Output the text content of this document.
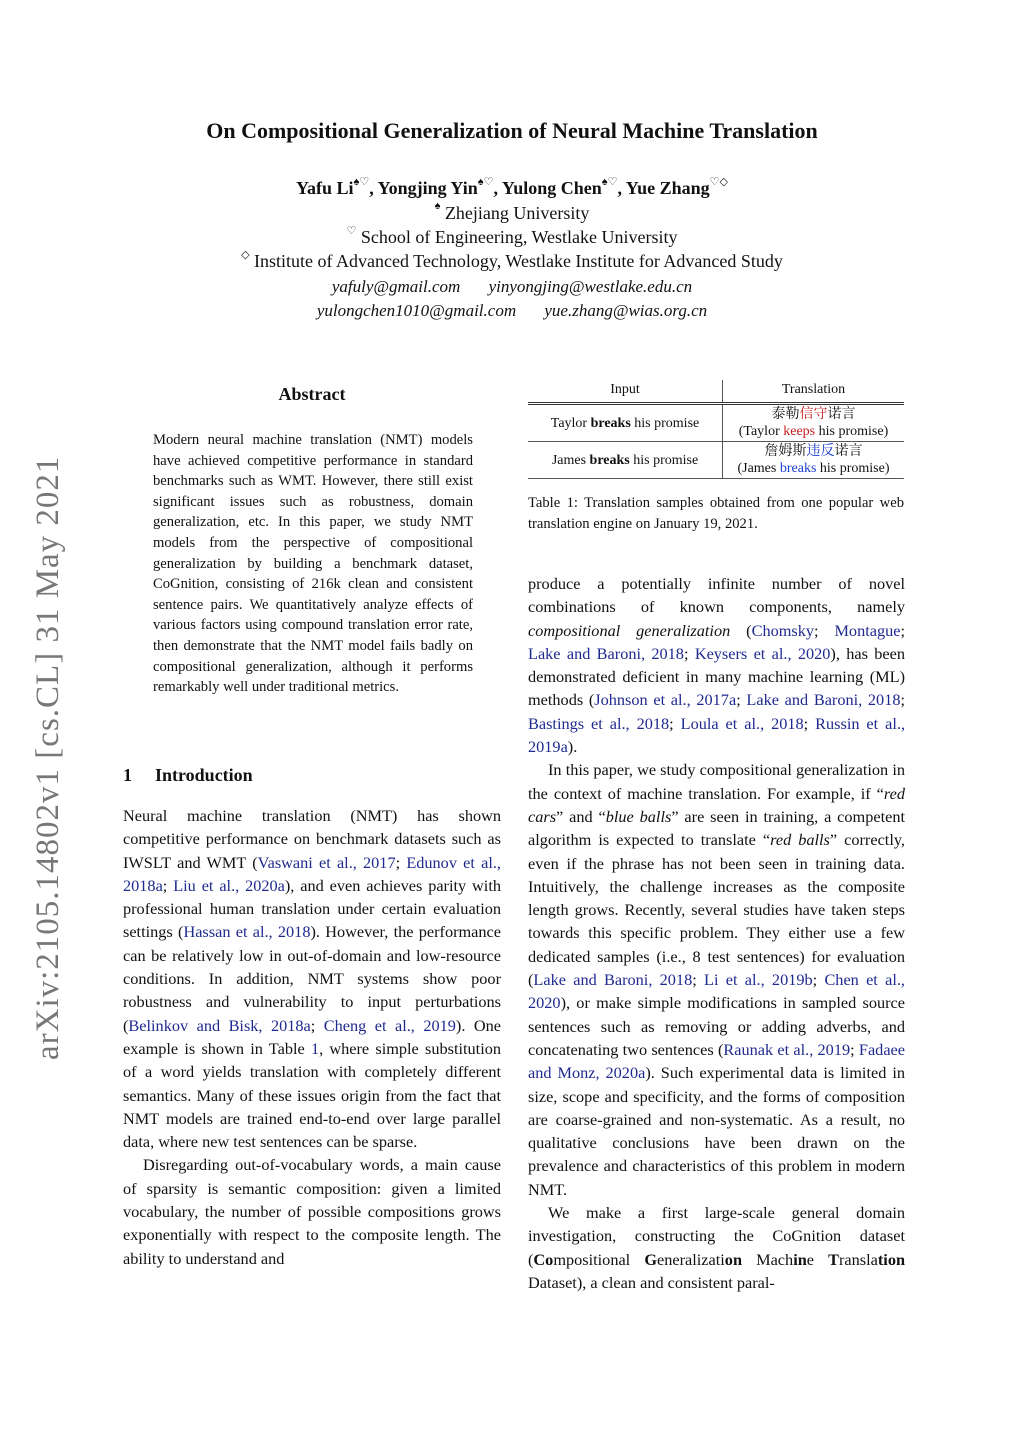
arXiv:2105.14802v1 [cs.CL] 31 May 2021
On Compositional Generalization of Neural Machine Translation
Yafu Li♠♡, Yongjing Yin♠♡, Yulong Chen♠♡, Yue Zhang♡◇
♠ Zhejiang University
♡ School of Engineering, Westlake University
◇ Institute of Advanced Technology, Westlake Institute for Advanced Study
yafuly@gmail.com yinyongjing@westlake.edu.cn
yulongchen1010@gmail.com yue.zhang@wias.org.cn
Abstract
Modern neural machine translation (NMT) models have achieved competitive performance in standard benchmarks such as WMT. However, there still exist significant issues such as robustness, domain generalization, etc. In this paper, we study NMT models from the perspective of compositional generalization by building a benchmark dataset, CoGnition, consisting of 216k clean and consistent sentence pairs. We quantitatively analyze effects of various factors using compound translation error rate, then demonstrate that the NMT model fails badly on compositional generalization, although it performs remarkably well under traditional metrics.
1 Introduction

Neural machine translation (NMT) has shown competitive performance on benchmark datasets such as IWSLT and WMT (Vaswani et al., 2017; Edunov et al., 2018a; Liu et al., 2020a), and even achieves parity with professional human translation under certain evaluation settings (Hassan et al., 2018). However, the performance can be relatively low in out-of-domain and low-resource conditions. In addition, NMT systems show poor robustness and vulnerability to input perturbations (Belinkov and Bisk, 2018a; Cheng et al., 2019). One example is shown in Table 1, where simple substitution of a word yields translation with completely different semantics. Many of these issues origin from the fact that NMT models are trained end-to-end over large parallel data, where new test sentences can be sparse.

Disregarding out-of-vocabulary words, a main cause of sparsity is semantic composition: given a limited vocabulary, the number of possible compositions grows exponentially with respect to the composite length. The ability to understand and

Input	Translation
Taylor breaks his promise	泰勒信守诺言
(Taylor keeps his promise)
James breaks his promise	詹姆斯违反诺言
(James breaks his promise)
Table 1: Translation samples obtained from one popular web translation engine on January 19, 2021.

produce a potentially infinite number of novel combinations of known components, namely compositional generalization (Chomsky; Montague; Lake and Baroni, 2018; Keysers et al., 2020), has been demonstrated deficient in many machine learning (ML) methods (Johnson et al., 2017a; Lake and Baroni, 2018; Bastings et al., 2018; Loula et al., 2018; Russin et al., 2019a).

In this paper, we study compositional generalization in the context of machine translation. For example, if “red cars” and “blue balls” are seen in training, a competent algorithm is expected to translate “red balls” correctly, even if the phrase has not been seen in training data. Intuitively, the challenge increases as the composite length grows. Recently, several studies have taken steps towards this specific problem. They either use a few dedicated samples (i.e., 8 test sentences) for evaluation (Lake and Baroni, 2018; Li et al., 2019b; Chen et al., 2020), or make simple modifications in sampled source sentences such as removing or adding adverbs, and concatenating two sentences (Raunak et al., 2019; Fadaee and Monz, 2020a). Such experimental data is limited in size, scope and specificity, and the forms of composition are coarse-grained and non-systematic. As a result, no qualitative conclusions have been drawn on the prevalence and characteristics of this problem in modern NMT.

We make a first large-scale general domain investigation, constructing the CoGnition dataset (Compositional Generalization Machine Translation Dataset), a clean and consistent paral-
